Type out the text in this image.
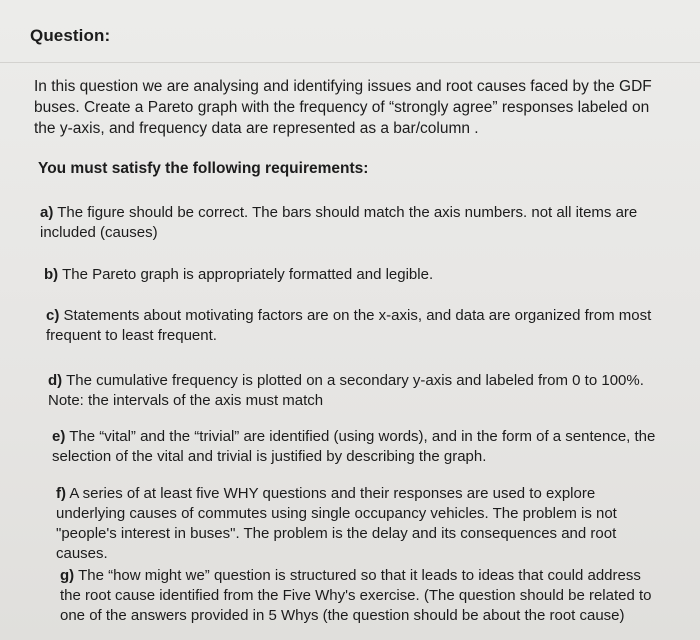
Question:
In this question we are analysing and identifying issues and root causes faced by the GDF buses. Create a Pareto graph with the frequency of “strongly agree” responses labeled on the y-axis, and frequency data are represented as a bar/column .
You must satisfy the following requirements:
a) The figure should be correct. The bars should match the axis numbers. not all items are included (causes)
b) The Pareto graph is appropriately formatted and legible.
c) Statements about motivating factors are on the x-axis, and data are organized from most frequent to least frequent.
d) The cumulative frequency is plotted on a secondary y-axis and labeled from 0 to 100%. Note: the intervals of the axis must match
e) The “vital” and the “trivial” are identified (using words), and in the form of a sentence, the selection of the vital and trivial is justified by describing the graph.
f) A series of at least five WHY questions and their responses are used to explore underlying causes of commutes using single occupancy vehicles. The problem is not "people's interest in buses". The problem is the delay and its consequences and root causes.
g) The “how might we” question is structured so that it leads to ideas that could address the root cause identified from the Five Why's exercise. (The question should be related to one of the answers provided in 5 Whys (the question should be about the root cause)
